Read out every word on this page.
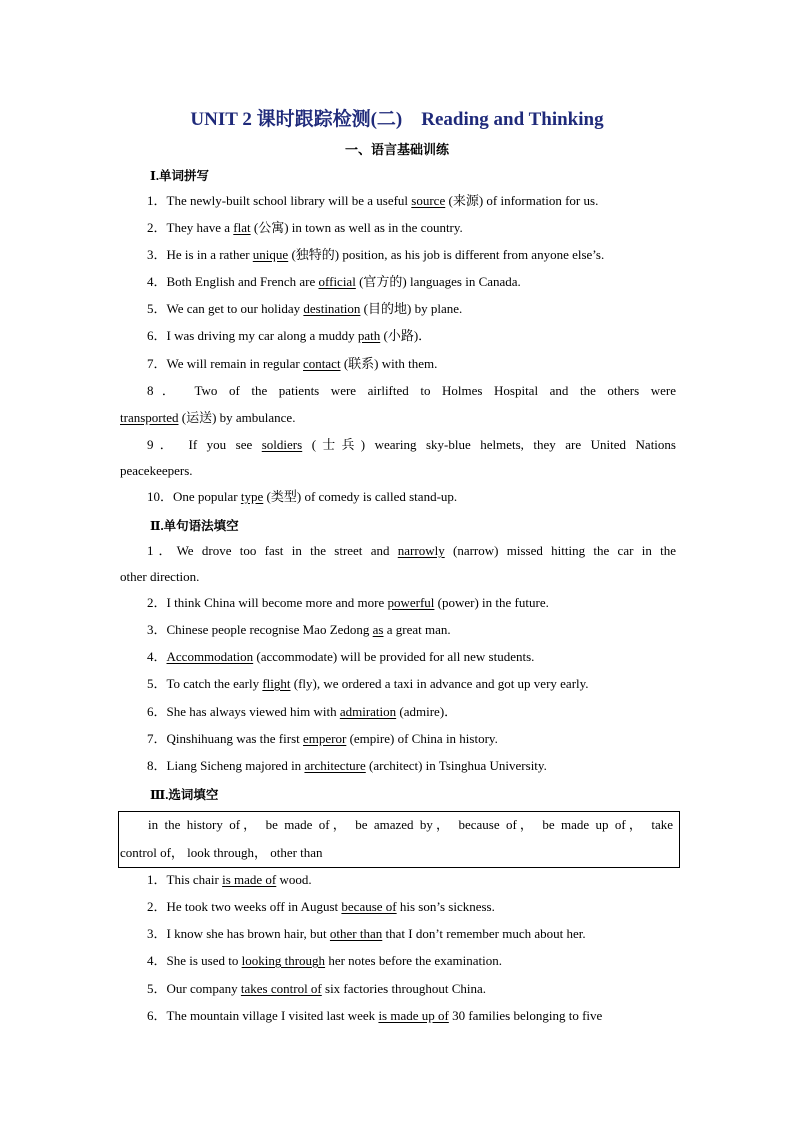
UNIT 2 课时跟踪检测(二)　Reading and Thinking
一、语言基础训练
Ⅰ.单词拼写
1．The newly-built school library will be a useful source (来源) of information for us.
2．They have a flat (公寓) in town as well as in the country.
3．He is in a rather unique (独特的) position, as his job is different from anyone else’s.
4．Both English and French are official (官方的) languages in Canada.
5．We can get to our holiday destination (目的地) by plane.
6．I was driving my car along a muddy path (小路)．
7．We will remain in regular contact (联系) with them.
8． Two of the patients were airlifted to Holmes Hospital and the others were
transported (运送) by ambulance.
9． If you see soldiers (士兵) wearing sky-blue helmets, they are United Nations
peacekeepers.
10．One popular type (类型) of comedy is called stand-up.
Ⅱ.单句语法填空
1．We drove too fast in the street and narrowly (narrow) missed hitting the car in the
other direction.
2．I think China will become more and more powerful (power) in the future.
3．Chinese people recognise Mao Zedong as a great man.
4．Accommodation (accommodate) will be provided for all new students.
5．To catch the early flight (fly), we ordered a taxi in advance and got up very early.
6．She has always viewed him with admiration (admire)．
7．Qinshihuang was the first emperor (empire) of China in history.
8．Liang Sicheng majored in architecture (architect) in Tsinghua University.
Ⅲ.选词填空
in the history of， be made of， be amazed by， because of， be made up of， take
control of， look through， other than
1．This chair is made of wood.
2．He took two weeks off in August because of his son’s sickness.
3．I know she has brown hair, but other than that I don’t remember much about her.
4．She is used to looking through her notes before the examination.
5．Our company takes control of six factories throughout China.
6．The mountain village I visited last week is made up of 30 families belonging to five
